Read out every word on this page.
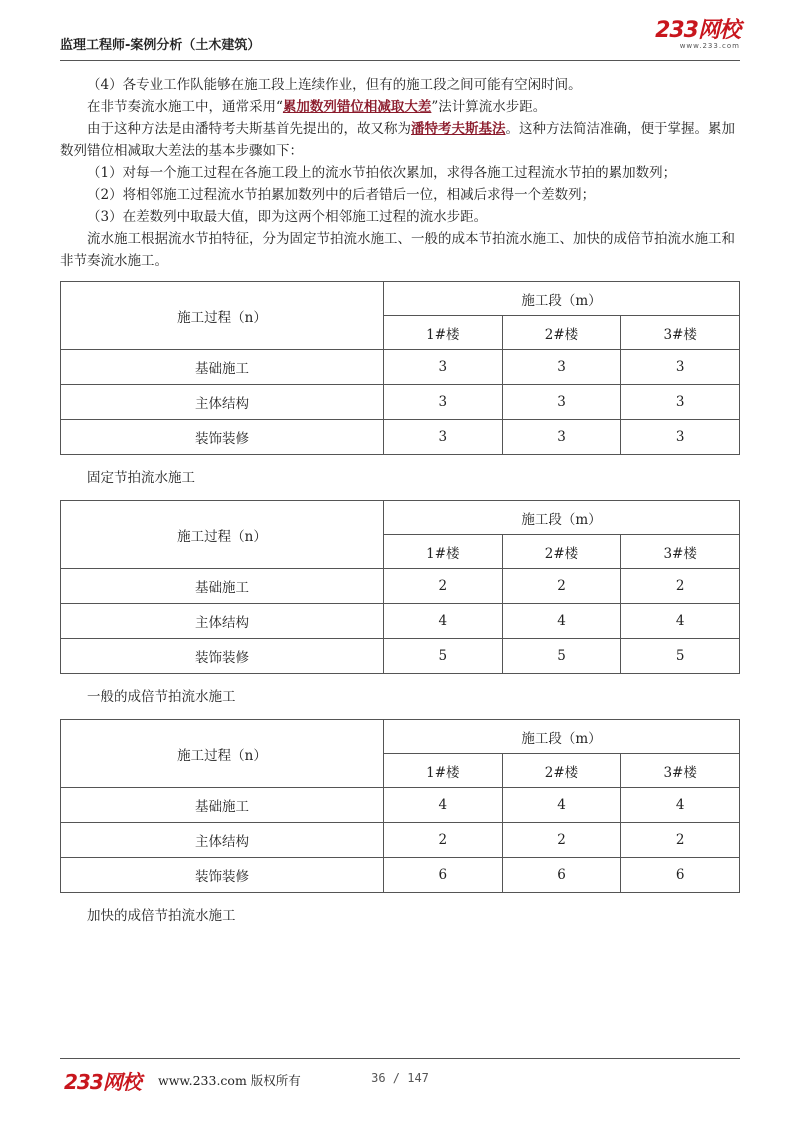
监理工程师-案例分析（土木建筑）
233网校
www.233.com

（4）各专业工作队能够在施工段上连续作业，但有的施工段之间可能有空闲时间。

在非节奏流水施工中，通常采用“累加数列错位相减取大差”法计算流水步距。

由于这种方法是由潘特考夫斯基首先提出的，故又称为潘特考夫斯基法。这种方法简洁准确，便于掌握。累加数列错位相减取大差法的基本步骤如下：

（1）对每一个施工过程在各施工段上的流水节拍依次累加，求得各施工过程流水节拍的累加数列；

（2）将相邻施工过程流水节拍累加数列中的后者错后一位，相减后求得一个差数列；

（3）在差数列中取最大值，即为这两个相邻施工过程的流水步距。

流水施工根据流水节拍特征，分为固定节拍流水施工、一般的成本节拍流水施工、加快的成倍节拍流水施工和非节奏流水施工。

施工过程（n）	施工段（m）		
	1#楼	2#楼	3#楼
基础施工	3	3	3
主体结构	3	3	3
装饰装修	3	3	3

固定节拍流水施工

施工过程（n）	施工段（m）		
	1#楼	2#楼	3#楼
基础施工	2	2	2
主体结构	4	4	4
装饰装修	5	5	5

一般的成倍节拍流水施工

施工过程（n）	施工段（m）		
	1#楼	2#楼	3#楼
基础施工	4	4	4
主体结构	2	2	2
装饰装修	6	6	6

加快的成倍节拍流水施工

233网校 www.233.com 版权所有	36 / 147
